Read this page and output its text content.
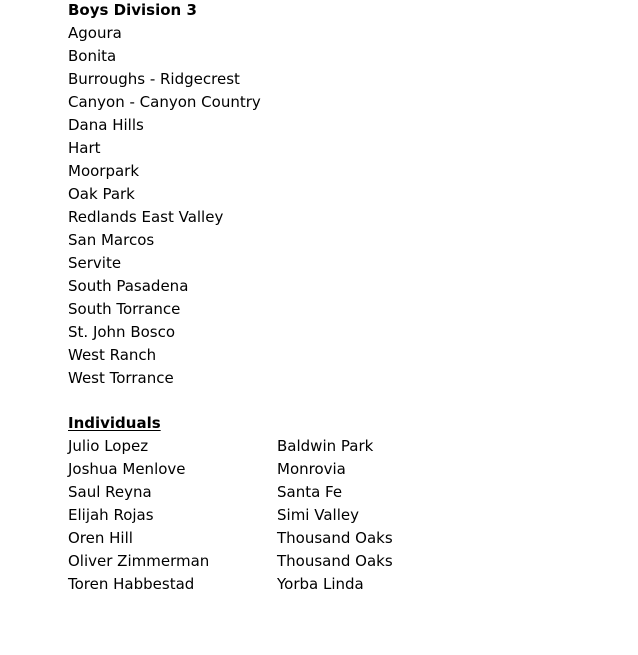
Boys Division 3
Agoura
Bonita
Burroughs - Ridgecrest
Canyon - Canyon Country
Dana Hills
Hart
Moorpark
Oak Park
Redlands East Valley
San Marcos
Servite
South Pasadena
South Torrance
St. John Bosco
West Ranch
West Torrance
Individuals
Julio Lopez	Baldwin Park
Joshua Menlove	Monrovia
Saul Reyna	Santa Fe
Elijah Rojas	Simi Valley
Oren Hill	Thousand Oaks
Oliver Zimmerman	Thousand Oaks
Toren Habbestad	Yorba Linda
